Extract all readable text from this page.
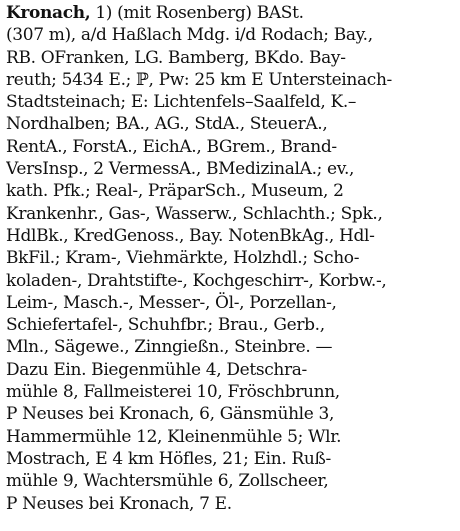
Kronach, 1) (mit Rosenberg) BASt.
(307 m), a/d Haßlach Mdg. i/d Rodach; Bay.,
RB. OFranken, LG. Bamberg, BKdo. Bay-
reuth; 5434 E.; ℙ, Pw: 25 km E Untersteinach-
Stadtsteinach; E: Lichtenfels–Saalfeld, K.–
Nordhalben; BA., AG., StdA., SteuerA.,
RentA., ForstA., EichA., BGrem., Brand-
VersInsp., 2 VermessA., BMedizinalA.; ev.,
kath. Pfk.; Real-, PräparSch., Museum, 2
Krankenhr., Gas-, Wasserw., Schlachth.; Spk.,
HdlBk., KredGenoss., Bay. NotenBkAg., Hdl-
BkFil.; Kram-, Viehmärkte, Holzhdl.; Scho-
koladen-, Drahtstifte-, Kochgeschirr-, Korbw.-,
Leim-, Masch.-, Messer-, Öl-, Porzellan-,
Schiefertafel-, Schuhfbr.; Brau., Gerb.,
Mln., Sägewe., Zinngießn., Steinbre. —
Dazu Ein. Biegenmühle 4, Detschra-
mühle 8, Fallmeisterei 10, Fröschbrunn,
P Neuses bei Kronach, 6, Gänsmühle 3,
Hammermühle 12, Kleinenmühle 5; Wlr.
Mostrach, E 4 km Höfles, 21; Ein. Ruß-
mühle 9, Wachtersmühle 6, Zollscheer,
P Neuses bei Kronach, 7 E.
